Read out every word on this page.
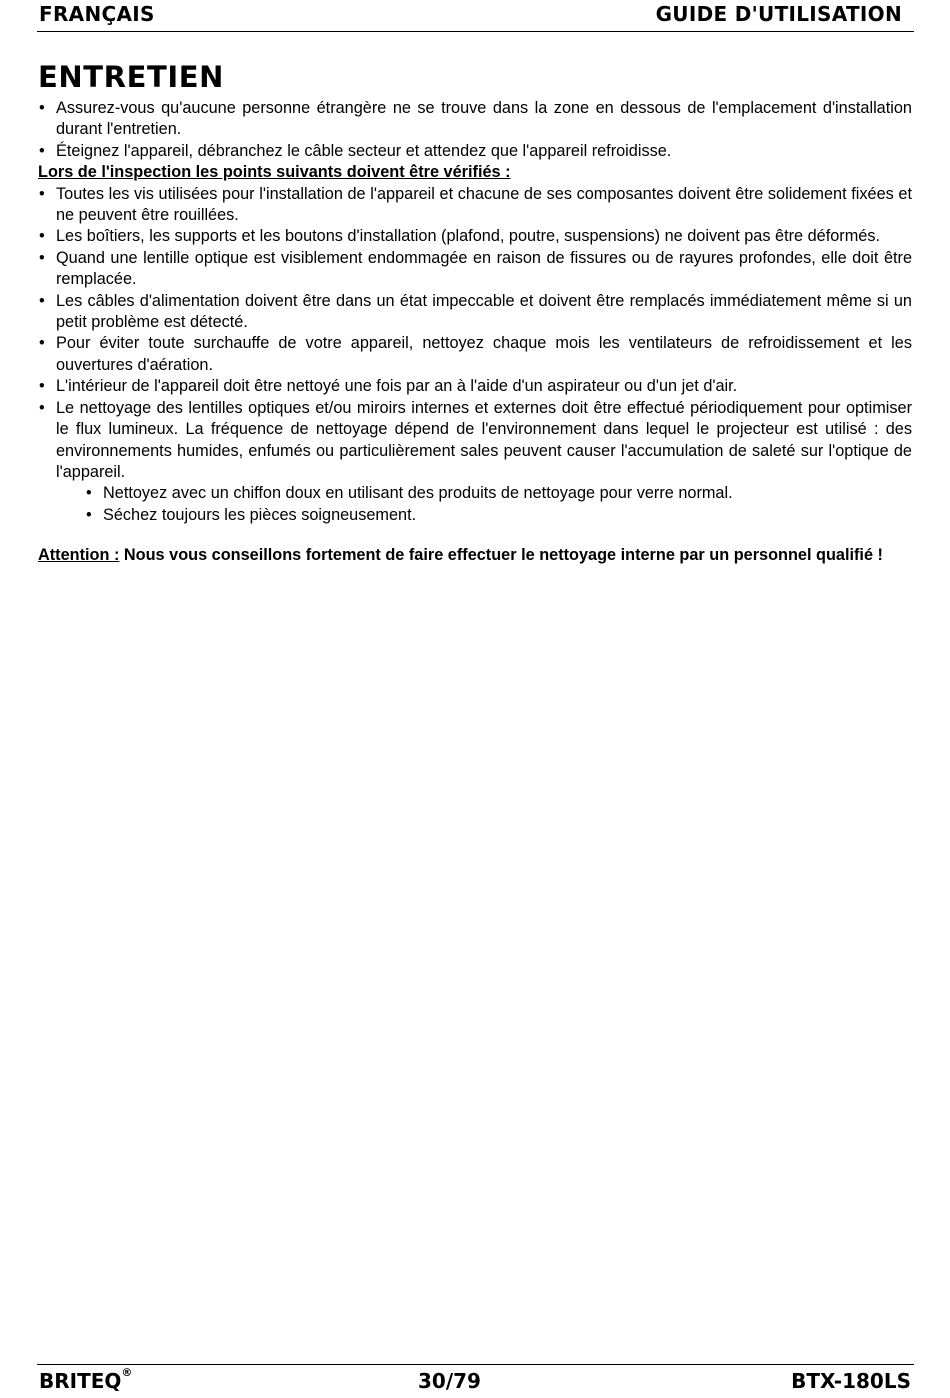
FRANÇAIS	GUIDE D'UTILISATION
ENTRETIEN
• Assurez-vous qu'aucune personne étrangère ne se trouve dans la zone en dessous de l'emplacement d'installation durant l'entretien.
• Éteignez l'appareil, débranchez le câble secteur et attendez que l'appareil refroidisse.
Lors de l'inspection les points suivants doivent être vérifiés :
• Toutes les vis utilisées pour l'installation de l'appareil et chacune de ses composantes doivent être solidement fixées et ne peuvent être rouillées.
• Les boîtiers, les supports et les boutons d'installation (plafond, poutre, suspensions) ne doivent pas être déformés.
• Quand une lentille optique est visiblement endommagée en raison de fissures ou de rayures profondes, elle doit être remplacée.
• Les câbles d'alimentation doivent être dans un état impeccable et doivent être remplacés immédiatement même si un petit problème est détecté.
• Pour éviter toute surchauffe de votre appareil, nettoyez chaque mois les ventilateurs de refroidissement et les ouvertures d'aération.
• L'intérieur de l'appareil doit être nettoyé une fois par an à l'aide d'un aspirateur ou d'un jet d'air.
• Le nettoyage des lentilles optiques et/ou miroirs internes et externes doit être effectué périodiquement pour optimiser le flux lumineux. La fréquence de nettoyage dépend de l'environnement dans lequel le projecteur est utilisé : des environnements humides, enfumés ou particulièrement sales peuvent causer l'accumulation de saleté sur l'optique de l'appareil.
• Nettoyez avec un chiffon doux en utilisant des produits de nettoyage pour verre normal.
• Séchez toujours les pièces soigneusement.
Attention : Nous vous conseillons fortement de faire effectuer le nettoyage interne par un personnel qualifié !
BRITEQ®	30/79	BTX-180LS
